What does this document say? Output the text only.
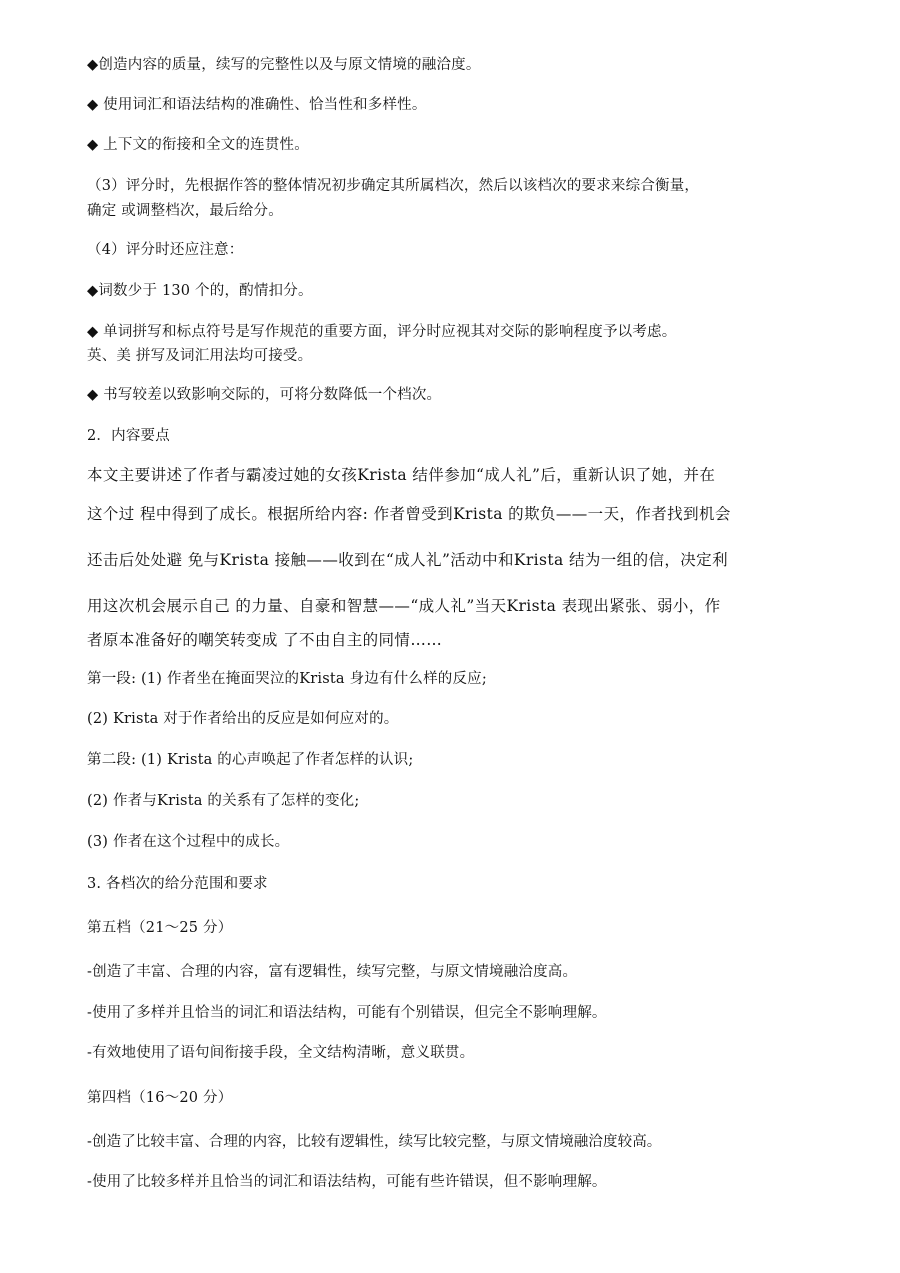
◆创造内容的质量，续写的完整性以及与原文情境的融洽度。
◆ 使用词汇和语法结构的准确性、恰当性和多样性。
◆ 上下文的衔接和全文的连贯性。
（3）评分时，先根据作答的整体情况初步确定其所属档次，然后以该档次的要求来综合衡量，
确定 或调整档次，最后给分。
（4）评分时还应注意：
◆词数少于 130 个的，酌情扣分。
◆ 单词拼写和标点符号是写作规范的重要方面，评分时应视其对交际的影响程度予以考虑。
英、美 拼写及词汇用法均可接受。
◆ 书写较差以致影响交际的，可将分数降低一个档次。
2．内容要点
本文主要讲述了作者与霸凌过她的女孩Krista 结伴参加“成人礼”后，重新认识了她，并在
这个过 程中得到了成长。根据所给内容: 作者曾受到Krista 的欺负——一天，作者找到机会
还击后处处避 免与Krista 接触——收到在“成人礼”活动中和Krista 结为一组的信，决定利
用这次机会展示自己 的力量、自豪和智慧——“成人礼”当天Krista 表现出紧张、弱小，作
者原本准备好的嘲笑转变成 了不由自主的同情……
第一段: (1) 作者坐在掩面哭泣的Krista 身边有什么样的反应;
(2) Krista 对于作者给出的反应是如何应对的。
第二段: (1) Krista 的心声唤起了作者怎样的认识;
(2) 作者与Krista 的关系有了怎样的变化;
(3) 作者在这个过程中的成长。
3. 各档次的给分范围和要求
第五档（21～25 分）
-创造了丰富、合理的内容，富有逻辑性，续写完整，与原文情境融洽度高。
-使用了多样并且恰当的词汇和语法结构，可能有个别错误，但完全不影响理解。
-有效地使用了语句间衔接手段，全文结构清晰，意义联贯。
第四档（16～20 分）
-创造了比较丰富、合理的内容，比较有逻辑性，续写比较完整，与原文情境融洽度较高。
-使用了比较多样并且恰当的词汇和语法结构，可能有些许错误，但不影响理解。
